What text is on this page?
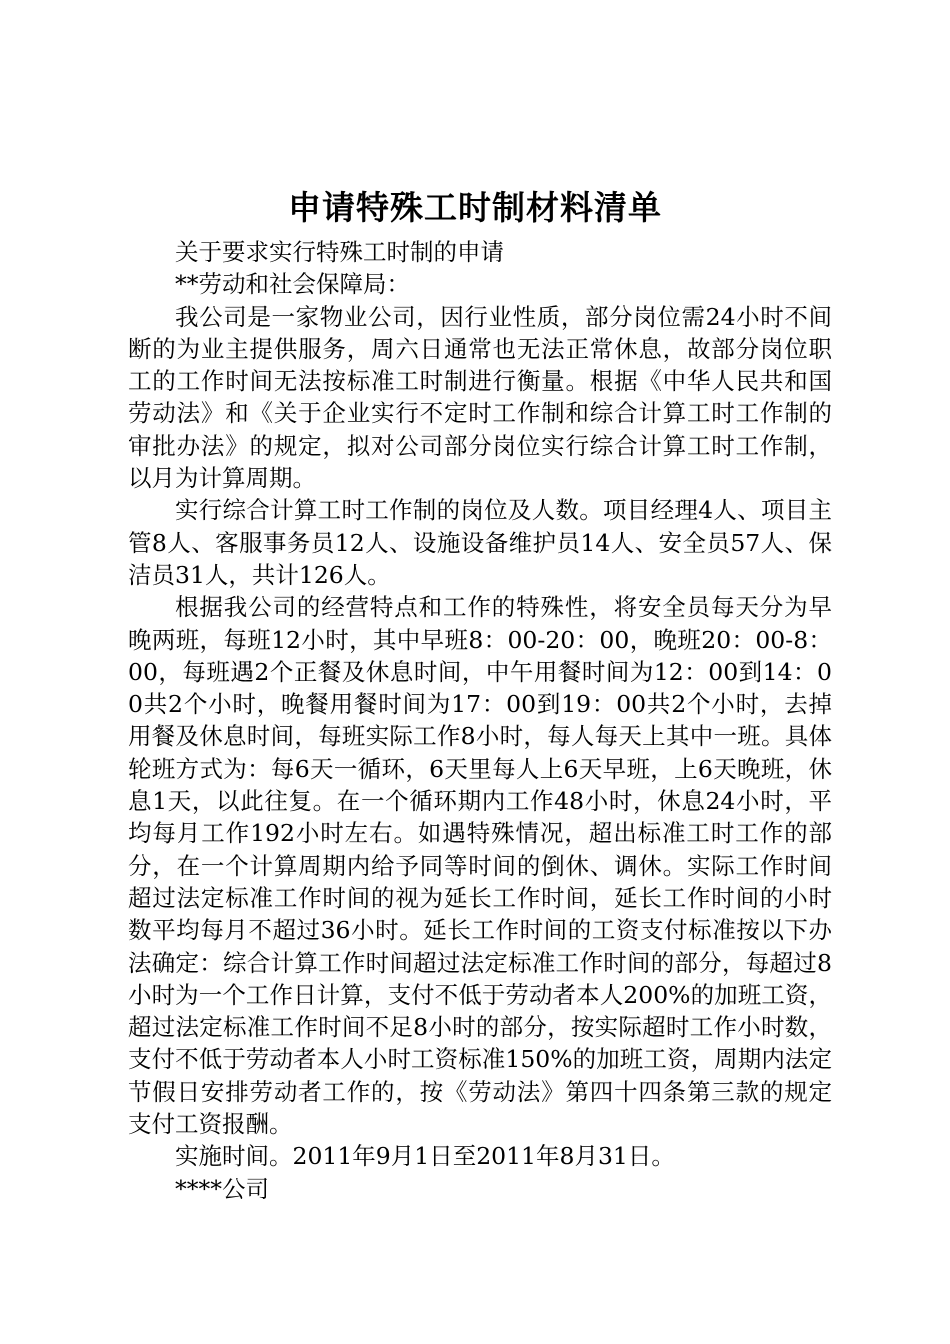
申请特殊工时制材料清单

关于要求实行特殊工时制的申请

**劳动和社会保障局：

我公司是一家物业公司，因行业性质，部分岗位需24小时不间断的为业主提供服务，周六日通常也无法正常休息，故部分岗位职工的工作时间无法按标准工时制进行衡量。根据《中华人民共和国劳动法》和《关于企业实行不定时工作制和综合计算工时工作制的审批办法》的规定，拟对公司部分岗位实行综合计算工时工作制，以月为计算周期。

实行综合计算工时工作制的岗位及人数。项目经理4人、项目主管8人、客服事务员12人、设施设备维护员14人、安全员57人、保洁员31人，共计126人。

根据我公司的经营特点和工作的特殊性，将安全员每天分为早晚两班，每班12小时，其中早班8：00-20：00，晚班20：00-8：00，每班遇2个正餐及休息时间，中午用餐时间为12：00到14：00共2个小时，晚餐用餐时间为17：00到19：00共2个小时，去掉用餐及休息时间，每班实际工作8小时，每人每天上其中一班。具体轮班方式为：每6天一循环，6天里每人上6天早班，上6天晚班，休息1天，以此往复。在一个循环期内工作48小时，休息24小时，平均每月工作192小时左右。如遇特殊情况，超出标准工时工作的部分，在一个计算周期内给予同等时间的倒休、调休。实际工作时间超过法定标准工作时间的视为延长工作时间，延长工作时间的小时数平均每月不超过36小时。延长工作时间的工资支付标准按以下办法确定：综合计算工作时间超过法定标准工作时间的部分，每超过8小时为一个工作日计算，支付不低于劳动者本人200%的加班工资，超过法定标准工作时间不足8小时的部分，按实际超时工作小时数，支付不低于劳动者本人小时工资标准150%的加班工资，周期内法定节假日安排劳动者工作的，按《劳动法》第四十四条第三款的规定支付工资报酬。

实施时间。2011年9月1日至2011年8月31日。

****公司
